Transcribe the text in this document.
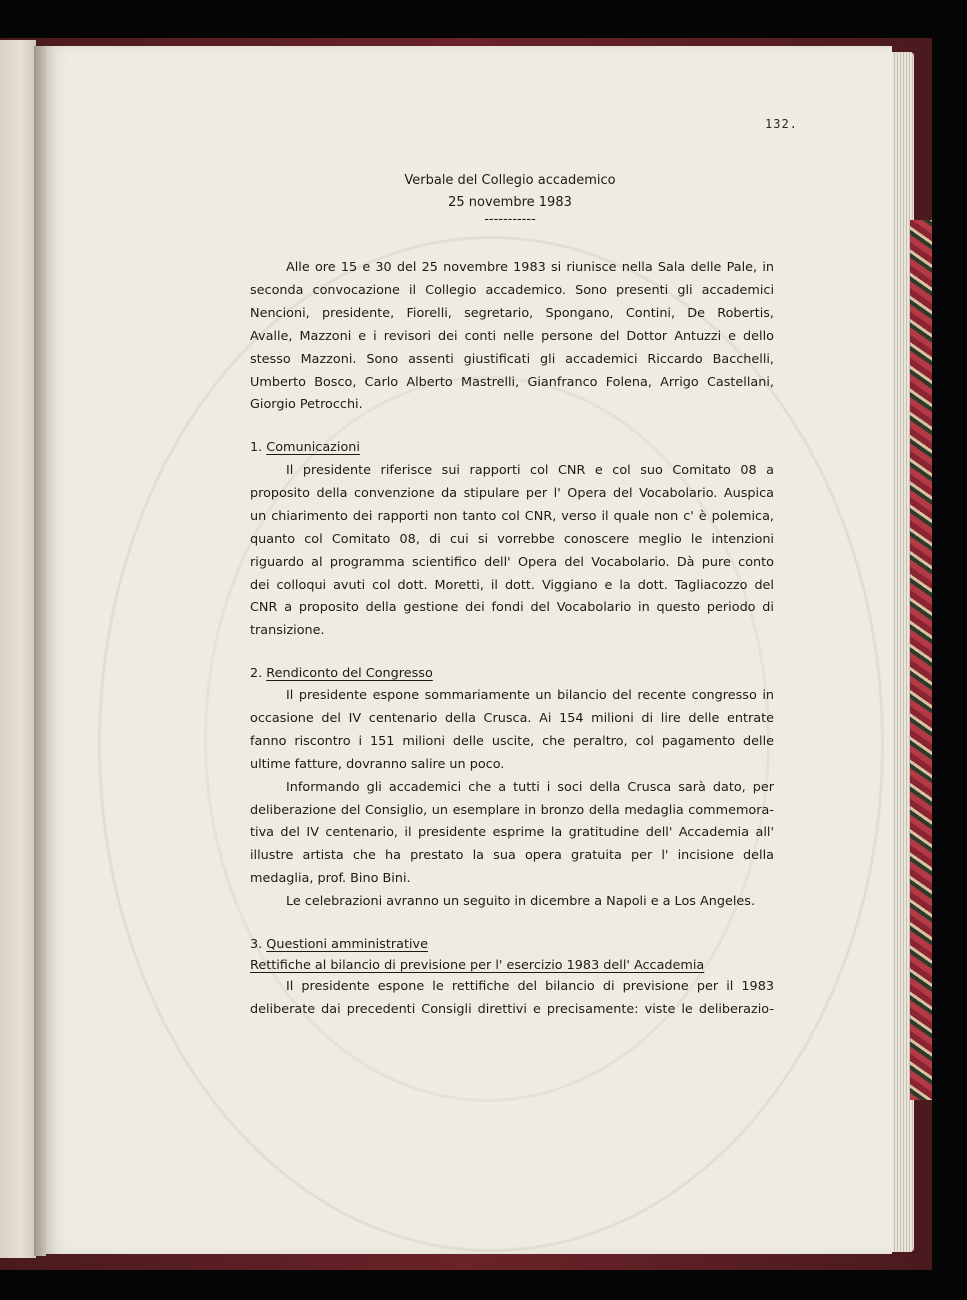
132.
Verbale del Collegio accademico
25 novembre 1983
-----------
Alle ore 15 e 30 del 25 novembre 1983 si riunisce nella Sala delle Pale, in
seconda convocazione il Collegio accademico. Sono presenti gli accademici
Nencioni, presidente, Fiorelli, segretario, Spongano, Contini, De Robertis,
Avalle, Mazzoni e i revisori dei conti nelle persone del Dottor Antuzzi e dello
stesso Mazzoni. Sono assenti giustificati gli accademici Riccardo Bacchelli,
Umberto Bosco, Carlo Alberto Mastrelli, Gianfranco Folena, Arrigo Castellani,
Giorgio Petrocchi.
1. Comunicazioni
Il presidente riferisce sui rapporti col CNR e col suo Comitato 08 a
proposito della convenzione da stipulare per l' Opera del Vocabolario. Auspica
un chiarimento dei rapporti non tanto col CNR, verso il quale non c' è polemica,
quanto col Comitato 08, di cui si vorrebbe conoscere meglio le intenzioni
riguardo al programma scientifico dell' Opera del Vocabolario. Dà pure conto
dei colloqui avuti col dott. Moretti, il dott. Viggiano e la dott. Tagliacozzo del
CNR a proposito della gestione dei fondi del Vocabolario in questo periodo di
transizione.
2. Rendiconto del Congresso
Il presidente espone sommariamente un bilancio del recente congresso in
occasione del IV centenario della Crusca. Ai 154 milioni di lire delle entrate
fanno riscontro i 151 milioni delle uscite, che peraltro, col pagamento delle
ultime fatture, dovranno salire un poco.
Informando gli accademici che a tutti i soci della Crusca sarà dato, per
deliberazione del Consiglio, un esemplare in bronzo della medaglia commemora-
tiva del IV centenario, il presidente esprime la gratitudine dell' Accademia all'
illustre artista che ha prestato la sua opera gratuita per l' incisione della
medaglia, prof. Bino Bini.
Le celebrazioni avranno un seguito in dicembre a Napoli e a Los Angeles.
3. Questioni amministrative
Rettifiche al bilancio di previsione per l' esercizio 1983 dell' Accademia
Il presidente espone le rettifiche del bilancio di previsione per il 1983
deliberate dai precedenti Consigli direttivi e precisamente: viste le deliberazio-
